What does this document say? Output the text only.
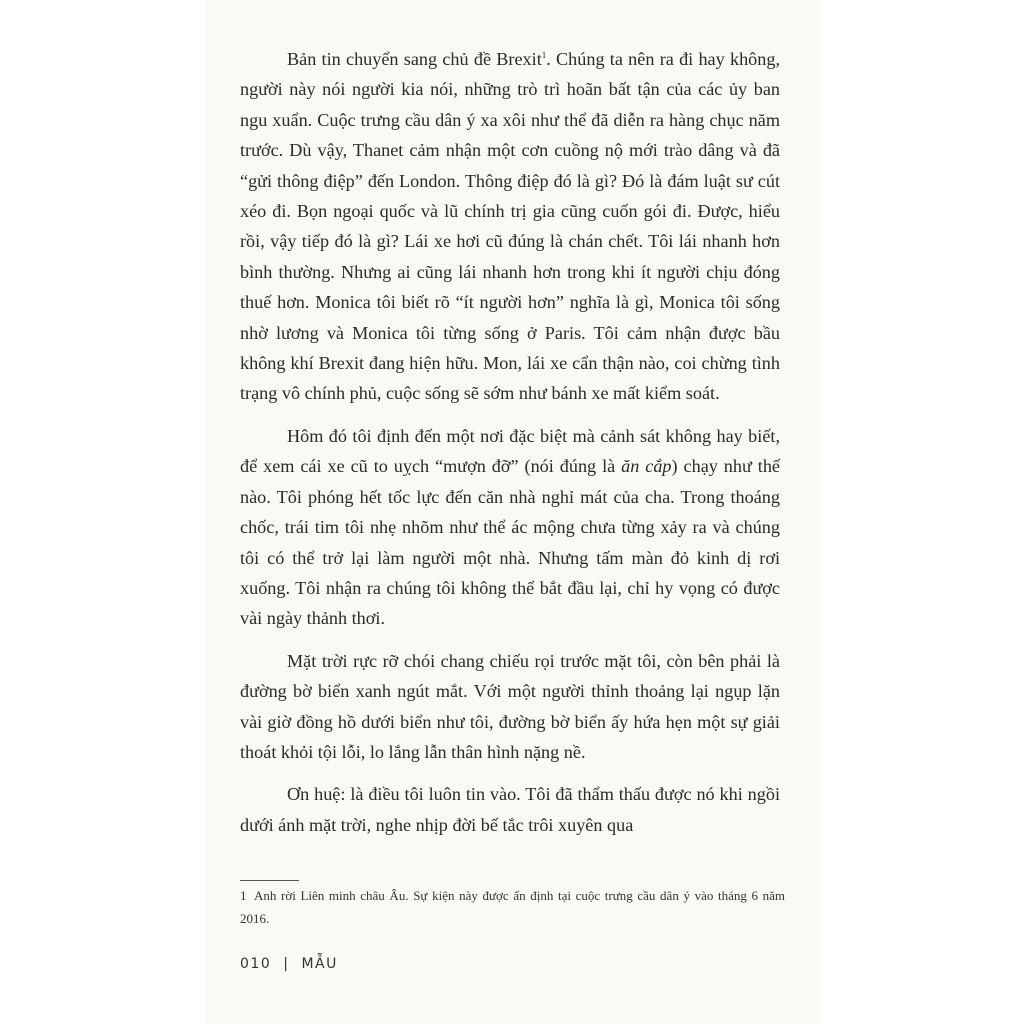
Bản tin chuyển sang chủ đề Brexit$^1$. Chúng ta nên ra đi hay không, người này nói người kia nói, những trò trì hoãn bất tận của các ủy ban ngu xuẩn. Cuộc trưng cầu dân ý xa xôi như thể đã diễn ra hàng chục năm trước. Dù vậy, Thanet cảm nhận một cơn cuồng nộ mới trào dâng và đã “gửi thông điệp” đến London. Thông điệp đó là gì? Đó là đám luật sư cút xéo đi. Bọn ngoại quốc và lũ chính trị gia cũng cuốn gói đi. Được, hiểu rồi, vậy tiếp đó là gì? Lái xe hơi cũ đúng là chán chết. Tôi lái nhanh hơn bình thường. Nhưng ai cũng lái nhanh hơn trong khi ít người chịu đóng thuế hơn. Monica tôi biết rõ “ít người hơn” nghĩa là gì, Monica tôi sống nhờ lương và Monica tôi từng sống ở Paris. Tôi cảm nhận được bầu không khí Brexit đang hiện hữu. Mon, lái xe cẩn thận nào, coi chừng tình trạng vô chính phủ, cuộc sống sẽ sớm như bánh xe mất kiểm soát.

Hôm đó tôi định đến một nơi đặc biệt mà cảnh sát không hay biết, để xem cái xe cũ to uỵch “mượn đỡ” (nói đúng là ăn cắp) chạy như thế nào. Tôi phóng hết tốc lực đến căn nhà nghỉ mát của cha. Trong thoáng chốc, trái tim tôi nhẹ nhõm như thể ác mộng chưa từng xảy ra và chúng tôi có thể trở lại làm người một nhà. Nhưng tấm màn đỏ kinh dị rơi xuống. Tôi nhận ra chúng tôi không thể bắt đầu lại, chỉ hy vọng có được vài ngày thảnh thơi.

Mặt trời rực rỡ chói chang chiếu rọi trước mặt tôi, còn bên phải là đường bờ biển xanh ngút mắt. Với một người thỉnh thoảng lại ngụp lặn vài giờ đồng hồ dưới biển như tôi, đường bờ biển ấy hứa hẹn một sự giải thoát khỏi tội lỗi, lo lắng lẫn thân hình nặng nề.

Ơn huệ: là điều tôi luôn tin vào. Tôi đã thẩm thấu được nó khi ngồi dưới ánh mặt trời, nghe nhịp đời bế tắc trôi xuyên qua

1 Anh rời Liên minh châu Âu. Sự kiện này được ấn định tại cuộc trưng cầu dân ý vào tháng 6 năm 2016.
010 | MẪU
